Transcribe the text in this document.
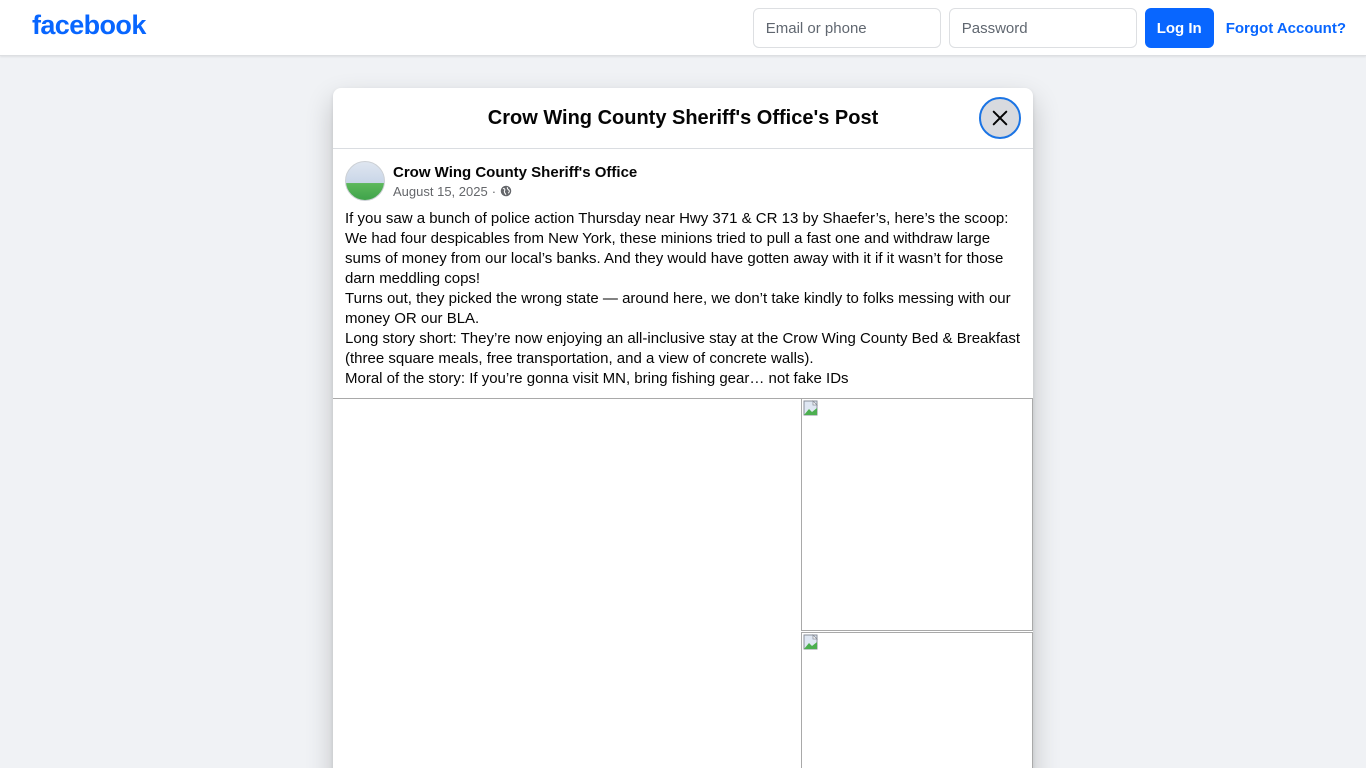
facebook
Email or phone	Log In	Forgot Account?
Crow Wing County Sheriff's Office's Post
Crow Wing County Sheriff's Office
August 15, 2025 ·

If you saw a bunch of police action Thursday near Hwy 371 & CR 13 by Shaefer’s, here’s the scoop:

We had four despicables from New York, these minions tried to pull a fast one and withdraw large sums of money from our local’s banks. And they would have gotten away with it if it wasn’t for those darn meddling cops!

Turns out, they picked the wrong state — around here, we don’t take kindly to folks messing with our money OR our BLA.

Long story short: They’re now enjoying an all-inclusive stay at the Crow Wing County Bed & Breakfast (three square meals, free transportation, and a view of concrete walls).

Moral of the story: If you’re gonna visit MN, bring fishing gear… not fake IDs
